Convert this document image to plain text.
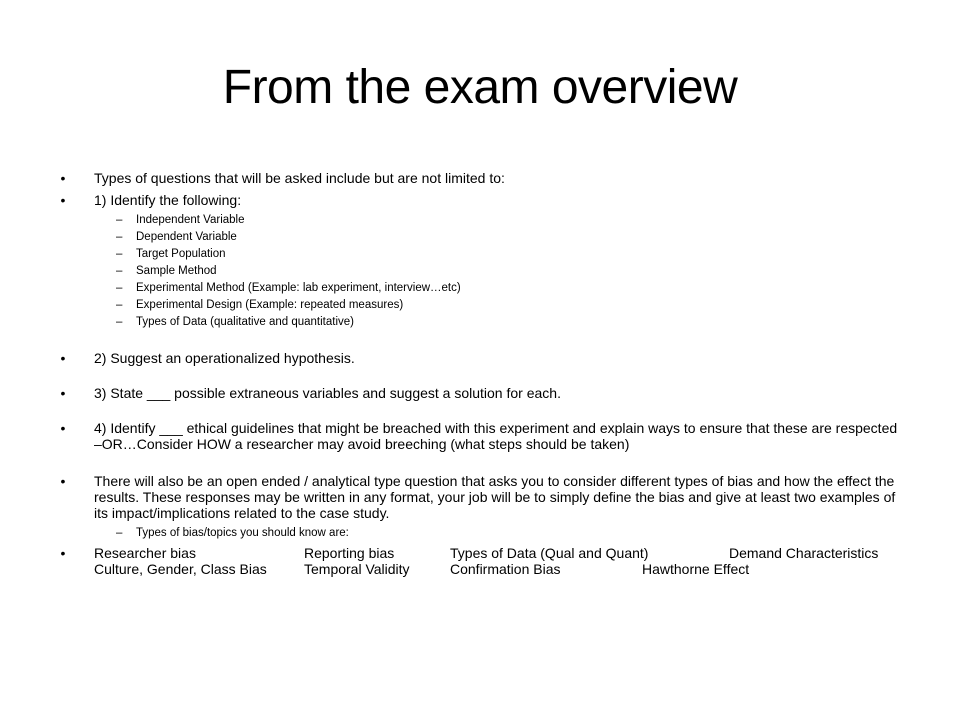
From the exam overview
• Types of questions that will be asked include but are not limited to:
• 1) Identify the following:
– Independent Variable
– Dependent Variable
– Target Population
– Sample Method
– Experimental Method (Example: lab experiment, interview…etc)
– Experimental Design (Example: repeated measures)
– Types of Data (qualitative and quantitative)
• 2) Suggest an operationalized hypothesis.
• 3) State ___ possible extraneous variables and suggest a solution for each.
• 4) Identify ___ ethical guidelines that might be breached with this experiment and explain ways to ensure that these are respected –OR…Consider HOW a researcher may avoid breeching (what steps should be taken)
• There will also be an open ended / analytical type question that asks you to consider different types of bias and how the effect the results. These responses may be written in any format, your job will be to simply define the bias and give at least two examples of its impact/implications related to the case study.
– Types of bias/topics you should know are:
• Researcher bias	Reporting bias	Types of Data (Qual and Quant)	Demand Characteristics
Culture, Gender, Class Bias	Temporal Validity	Confirmation Bias	Hawthorne Effect
